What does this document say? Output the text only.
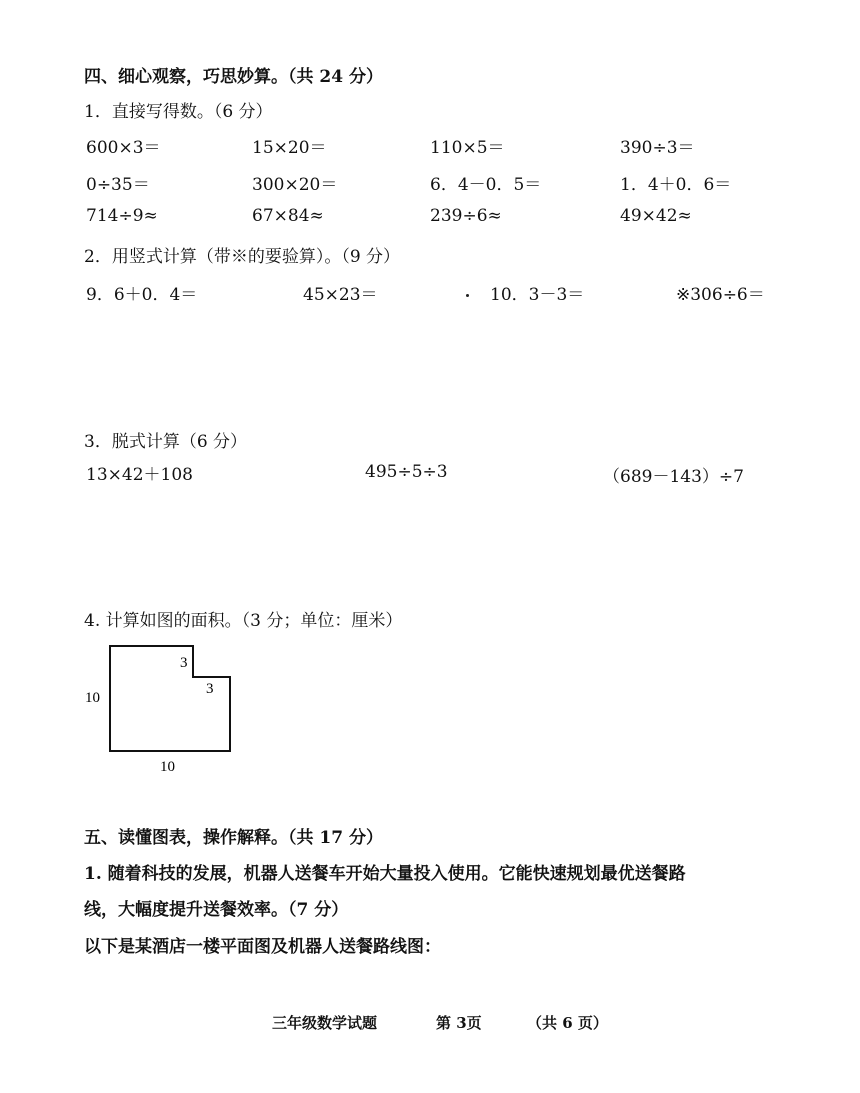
四、细心观察，巧思妙算。（共 24 分）
1．直接写得数。（6 分）
600×3＝	15×20＝	110×5＝	390÷3＝
0÷35＝	300×20＝	6．4－0．5＝	1．4＋0．6＝
714÷9≈	67×84≈	239÷6≈	49×42≈
2．用竖式计算（带※的要验算）。（9 分）
9．6＋0．4＝	45×23＝	10．3－3＝	※306÷6＝
3．脱式计算（6 分）
13×42＋108	495÷5÷3	（689－143）÷7
4. 计算如图的面积。（3 分；单位：厘米）
10
10
3
3
五、读懂图表，操作解释。（共 17 分）
1. 随着科技的发展，机器人送餐车开始大量投入使用。它能快速规划最优送餐路
线，大幅度提升送餐效率。（7 分）
以下是某酒店一楼平面图及机器人送餐路线图：
三年级数学试题	第 3页	（共 6 页）
